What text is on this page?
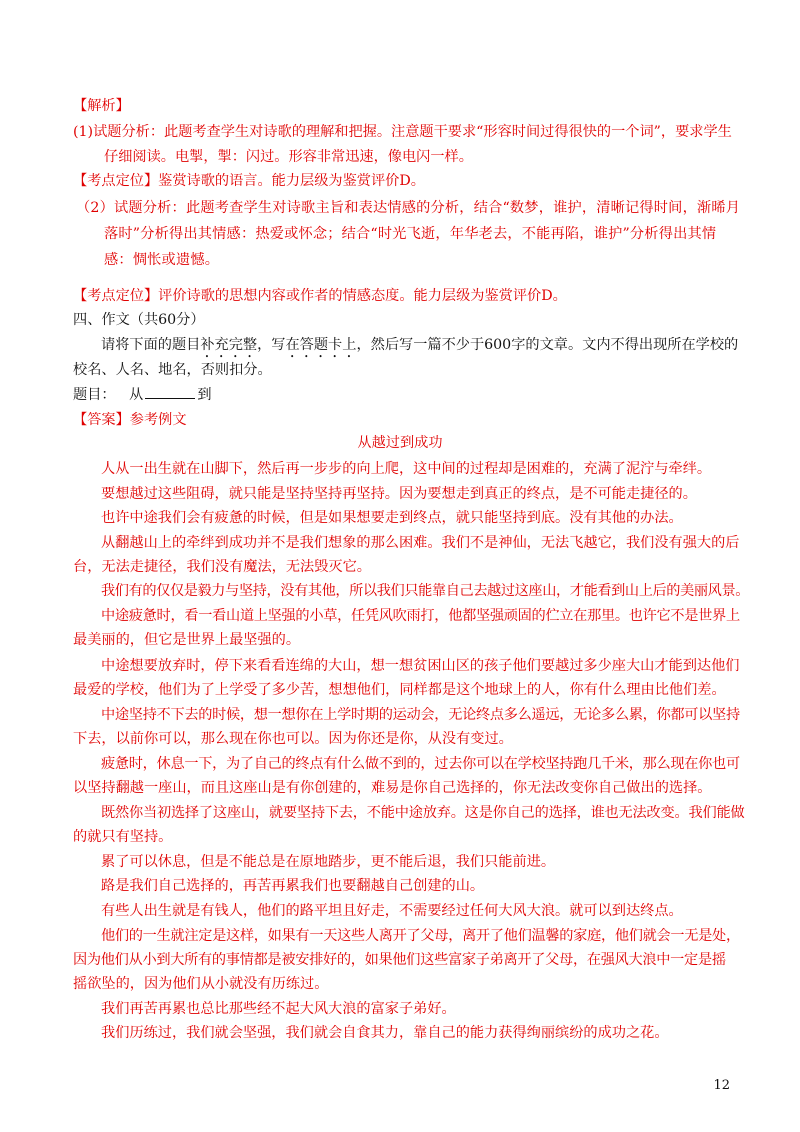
【解析】
(1)试题分析：此题考查学生对诗歌的理解和把握。注意题干要求“形容时间过得很快的一个词”，要求学生
仔细阅读。电掣，掣：闪过。形容非常迅速，像电闪一样。
【考点定位】鉴赏诗歌的语言。能力层级为鉴赏评价D。
（2）试题分析：此题考查学生对诗歌主旨和表达情感的分析，结合“数梦，谁护，清晰记得时间，渐晞月
落时”分析得出其情感：热爱或怀念；结合“时光飞逝，年华老去，不能再陷，谁护”分析得出其情
感：惆怅或遗憾。
【考点定位】评价诗歌的思想内容或作者的情感态度。能力层级为鉴赏评价D。
四、作文（共60分）
请将下面的题目补充完整，写在答题卡上，然后写一篇不少于600字的文章。文内不得出现所在学校的
校名、人名、地名，否则扣分。
题目： 从	到
【答案】参考例文
从越过到成功
人从一出生就在山脚下，然后再一步步的向上爬，这中间的过程却是困难的，充满了泥泞与牵绊。
要想越过这些阻碍，就只能是坚持坚持再坚持。因为要想走到真正的终点，是不可能走捷径的。
也许中途我们会有疲惫的时候，但是如果想要走到终点，就只能坚持到底。没有其他的办法。
从翻越山上的牵绊到成功并不是我们想象的那么困难。我们不是神仙，无法飞越它，我们没有强大的后
台，无法走捷径，我们没有魔法，无法毁灭它。
我们有的仅仅是毅力与坚持，没有其他，所以我们只能靠自己去越过这座山，才能看到山上后的美丽风景。
中途疲惫时，看一看山道上坚强的小草，任凭风吹雨打，他都坚强顽固的伫立在那里。也许它不是世界上
最美丽的，但它是世界上最坚强的。
中途想要放弃时，停下来看看连绵的大山，想一想贫困山区的孩子他们要越过多少座大山才能到达他们
最爱的学校，他们为了上学受了多少苦，想想他们，同样都是这个地球上的人，你有什么理由比他们差。
中途坚持不下去的时候，想一想你在上学时期的运动会，无论终点多么遥远，无论多么累，你都可以坚持
下去，以前你可以，那么现在你也可以。因为你还是你，从没有变过。
疲惫时，休息一下，为了自己的终点有什么做不到的，过去你可以在学校坚持跑几千米，那么现在你也可
以坚持翻越一座山，而且这座山是有你创建的，难易是你自己选择的，你无法改变你自己做出的选择。
既然你当初选择了这座山，就要坚持下去，不能中途放弃。这是你自己的选择，谁也无法改变。我们能做
的就只有坚持。
累了可以休息，但是不能总是在原地踏步，更不能后退，我们只能前进。
路是我们自己选择的，再苦再累我们也要翻越自己创建的山。
有些人出生就是有钱人，他们的路平坦且好走，不需要经过任何大风大浪。就可以到达终点。
他们的一生就注定是这样，如果有一天这些人离开了父母，离开了他们温馨的家庭，他们就会一无是处，
因为他们从小到大所有的事情都是被安排好的，如果他们这些富家子弟离开了父母，在强风大浪中一定是摇
摇欲坠的，因为他们从小就没有历练过。
我们再苦再累也总比那些经不起大风大浪的富家子弟好。
我们历练过，我们就会坚强，我们就会自食其力，靠自己的能力获得绚丽缤纷的成功之花。
12
